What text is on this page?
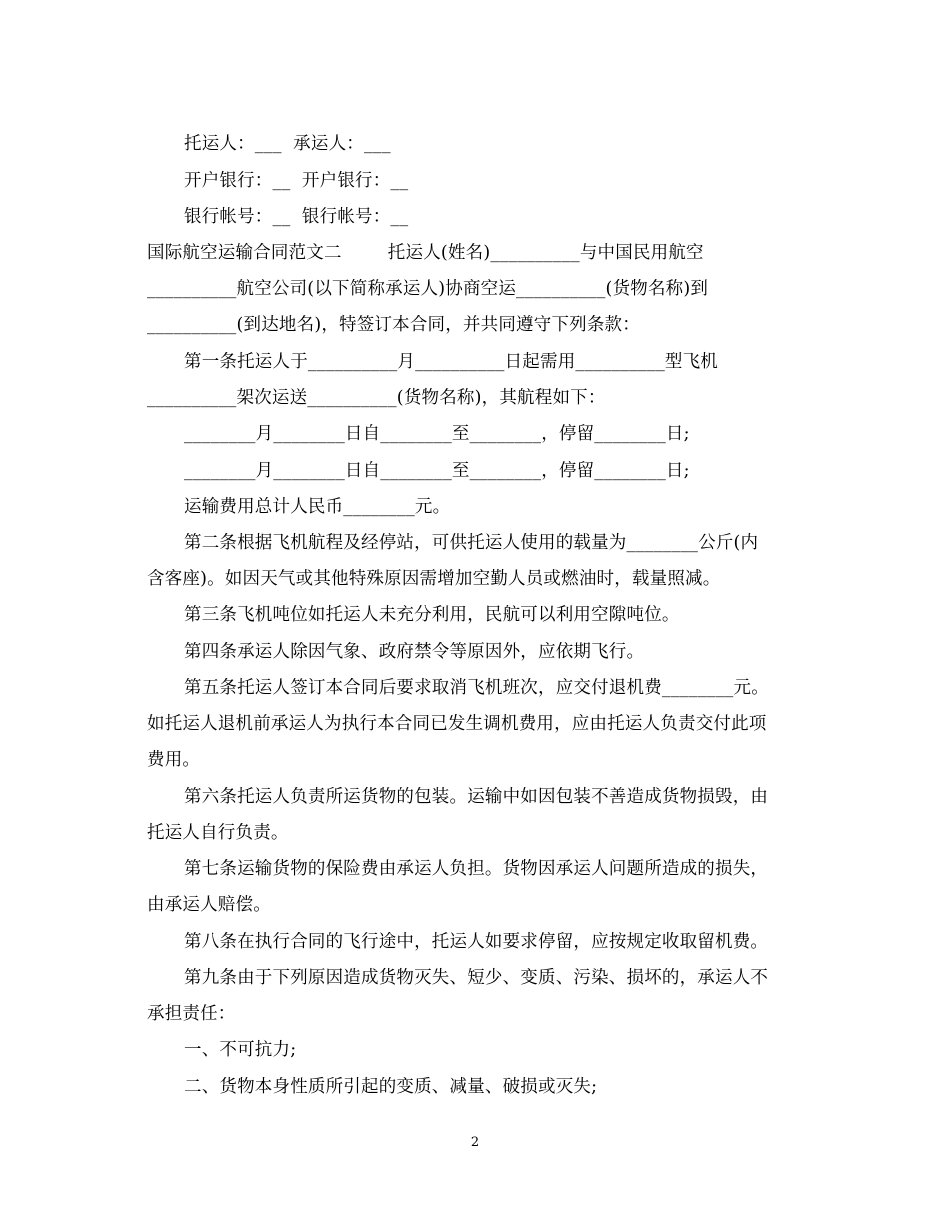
托运人：___  承运人：___
开户银行：__  开户银行：__
银行帐号：__  银行帐号：__
国际航空运输合同范文二        托运人(姓名)__________与中国民用航空
__________航空公司(以下简称承运人)协商空运__________(货物名称)到
__________(到达地名)，特签订本合同，并共同遵守下列条款：
第一条托运人于__________月__________日起需用__________型飞机
__________架次运送__________(货物名称)，其航程如下：
________月________日自________至________，停留________日;
________月________日自________至________，停留________日;
运输费用总计人民币________元。
第二条根据飞机航程及经停站，可供托运人使用的载量为________公斤(内
含客座)。如因天气或其他特殊原因需增加空勤人员或燃油时，载量照减。
第三条飞机吨位如托运人未充分利用，民航可以利用空隙吨位。
第四条承运人除因气象、政府禁令等原因外，应依期飞行。
第五条托运人签订本合同后要求取消飞机班次，应交付退机费________元。
如托运人退机前承运人为执行本合同已发生调机费用，应由托运人负责交付此项
费用。
第六条托运人负责所运货物的包装。运输中如因包装不善造成货物损毁，由
托运人自行负责。
第七条运输货物的保险费由承运人负担。货物因承运人问题所造成的损失，
由承运人赔偿。
第八条在执行合同的飞行途中，托运人如要求停留，应按规定收取留机费。
第九条由于下列原因造成货物灭失、短少、变质、污染、损坏的，承运人不
承担责任：
一、不可抗力;
二、货物本身性质所引起的变质、减量、破损或灭失;
2
